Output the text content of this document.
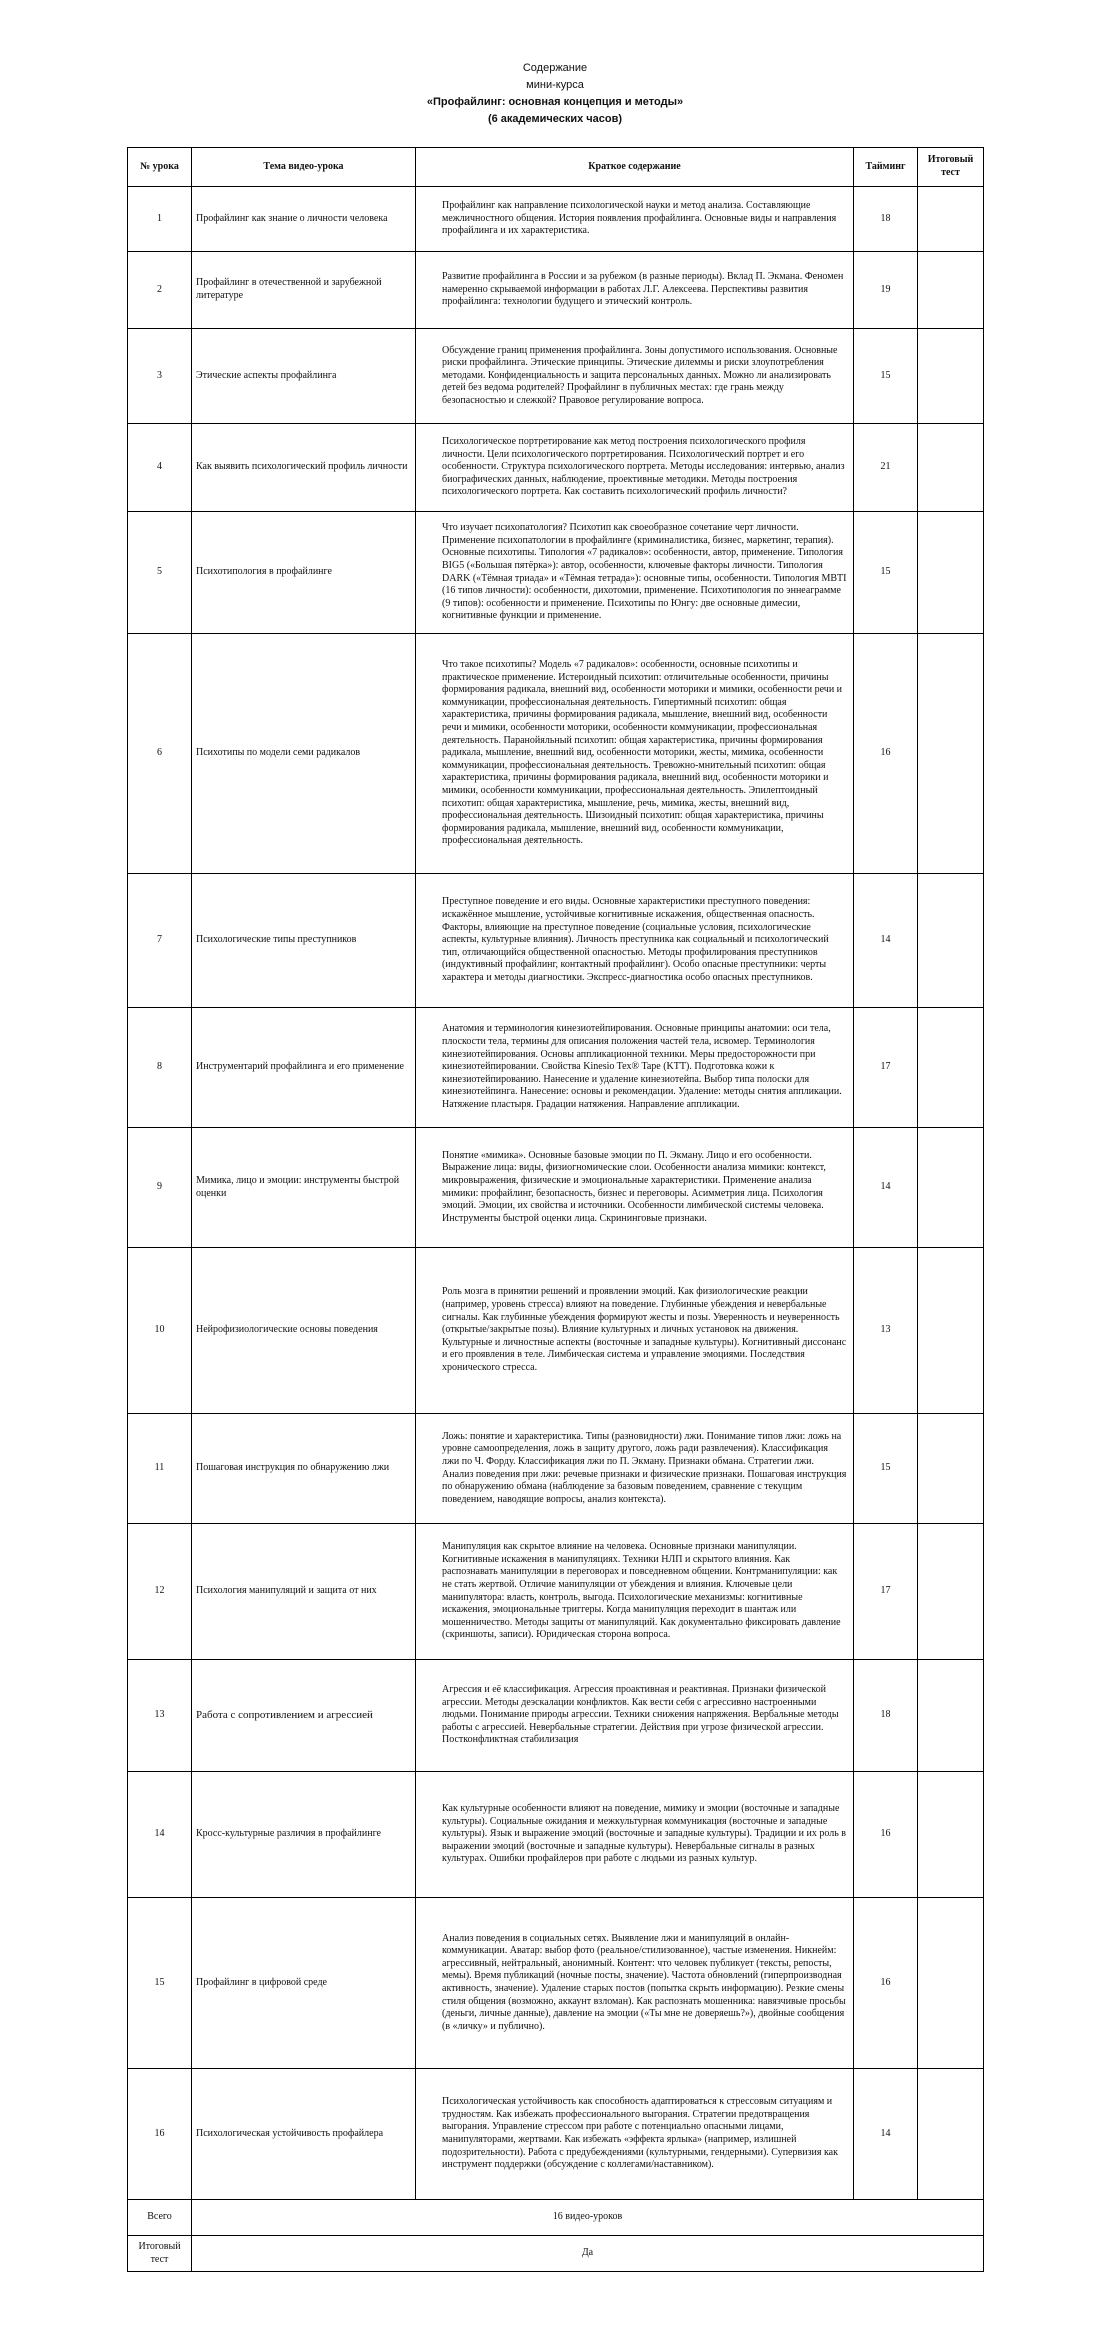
Содержание
мини-курса
«Профайлинг: основная концепция и методы»
(6 академических часов)
№ урока	Тема видео-урока	Краткое содержание	Тайминг	Итоговый тест
1	Профайлинг как знание о личности человека	Профайлинг как направление психологической науки и метод анализа. Составляющие межличностного общения. История появления профайлинга. Основные виды и направления профайлинга и их характеристика.	18	
2	Профайлинг в отечественной и зарубежной литературе	Развитие профайлинга в России и за рубежом (в разные периоды). Вклад П. Экмана. Феномен намеренно скрываемой информации в работах Л.Г. Алексеева. Перспективы развития профайлинга: технологии будущего и этический контроль.	19	
3	Этические аспекты профайлинга	Обсуждение границ применения профайлинга. Зоны допустимого использования. Основные риски профайлинга. Этические принципы. Этические дилеммы и риски злоупотребления методами. Конфиденциальность и защита персональных данных. Можно ли анализировать детей без ведома родителей? Профайлинг в публичных местах: где грань между безопасностью и слежкой? Правовое регулирование вопроса.	15	
4	Как выявить психологический профиль личности	Психологическое портретирование как метод построения психологического профиля личности. Цели психологического портретирования. Психологический портрет и его особенности. Структура психологического портрета. Методы исследования: интервью, анализ биографических данных, наблюдение, проективные методики. Методы построения психологического портрета. Как составить психологический профиль личности?	21	
5	Психотипология в профайлинге	Что изучает психопатология? Психотип как своеобразное сочетание черт личности. Применение психопатологии в профайлинге (криминалистика, бизнес, маркетинг, терапия). Основные психотипы. Типология «7 радикалов»: особенности, автор, применение. Типология BIG5 («Большая пятёрка»): автор, особенности, ключевые факторы личности. Типология DARK («Тёмная триада» и «Тёмная тетрада»): основные типы, особенности. Типология MBTI (16 типов личности): особенности, дихотомии, применение. Психотипология по эннеаграмме (9 типов): особенности и применение. Психотипы по Юнгу: две основные димесии, когнитивные функции и применение.	15	
6	Психотипы по модели семи радикалов	Что такое психотипы? Модель «7 радикалов»: особенности, основные психотипы и практическое применение. Истероидный психотип: отличительные особенности, причины формирования радикала, внешний вид, особенности моторики и мимики, особенности речи и коммуникации, профессиональная деятельность. Гипертимный психотип: общая характеристика, причины формирования радикала, мышление, внешний вид, особенности речи и мимики, особенности моторики, особенности коммуникации, профессиональная деятельность. Паранойяльный психотип: общая характеристика, причины формирования радикала, мышление, внешний вид, особенности моторики, жесты, мимика, особенности коммуникации, профессиональная деятельность. Тревожно-мнительный психотип: общая характеристика, причины формирования радикала, внешний вид, особенности моторики и мимики, особенности коммуникации, профессиональная деятельность. Эпилептоидный психотип: общая характеристика, мышление, речь, мимика, жесты, внешний вид, профессиональная деятельность. Шизоидный психотип: общая характеристика, причины формирования радикала, мышление, внешний вид, особенности коммуникации, профессиональная деятельность.	16	
7	Психологические типы преступников	Преступное поведение и его виды. Основные характеристики преступного поведения: искажённое мышление, устойчивые когнитивные искажения, общественная опасность. Факторы, влияющие на преступное поведение (социальные условия, психологические аспекты, культурные влияния). Личность преступника как социальный и психологический тип, отличающийся общественной опасностью. Методы профилирования преступников (индуктивный профайлинг, контактный профайлинг). Особо опасные преступники: черты характера и методы диагностики. Экспресс-диагностика особо опасных преступников.	14	
8	Инструментарий профайлинга и его применение	Анатомия и терминология кинезиотейпирования. Основные принципы анатомии: оси тела, плоскости тела, термины для описания положения частей тела, исвомер. Терминология кинезиотейпирования. Основы аппликационной техники. Меры предосторожности при кинезиотейпировании. Свойства Kinesio Tex® Tape (KTT). Подготовка кожи к кинезиотейпированию. Нанесение и удаление кинезиотейпа. Выбор типа полоски для кинезиотейпинга. Нанесение: основы и рекомендации. Удаление: методы снятия аппликации. Натяжение пластыря. Градации натяжения. Направление аппликации.	17	
9	Мимика, лицо и эмоции: инструменты быстрой оценки	Понятие «мимика». Основные базовые эмоции по П. Экману. Лицо и его особенности. Выражение лица: виды, физиогномические слои. Особенности анализа мимики: контекст, микровыражения, физические и эмоциональные характеристики. Применение анализа мимики: профайлинг, безопасность, бизнес и переговоры. Асимметрия лица. Психология эмоций. Эмоции, их свойства и источники. Особенности лимбической системы человека. Инструменты быстрой оценки лица. Скрининговые признаки.	14	
10	Нейрофизиологические основы поведения	Роль мозга в принятии решений и проявлении эмоций. Как физиологические реакции (например, уровень стресса) влияют на поведение. Глубинные убеждения и невербальные сигналы. Как глубинные убеждения формируют жесты и позы. Уверенность и неуверенность (открытые/закрытые позы). Влияние культурных и личных установок на движения. Культурные и личностные аспекты (восточные и западные культуры). Когнитивный диссонанс и его проявления в теле. Лимбическая система и управление эмоциями. Последствия хронического стресса.	13	
11	Пошаговая инструкция по обнаружению лжи	Ложь: понятие и характеристика. Типы (разновидности) лжи. Понимание типов лжи: ложь на уровне самоопределения, ложь в защиту другого, ложь ради развлечения). Классификация лжи по Ч. Форду. Классификация лжи по П. Экману. Признаки обмана. Стратегии лжи. Анализ поведения при лжи: речевые признаки и физические признаки. Пошаговая инструкция по обнаружению обмана (наблюдение за базовым поведением, сравнение с текущим поведением, наводящие вопросы, анализ контекста).	15	
12	Психология манипуляций и защита от них	Манипуляция как скрытое влияние на человека. Основные признаки манипуляции. Когнитивные искажения в манипуляциях. Техники НЛП и скрытого влияния. Как распознавать манипуляции в переговорах и повседневном общении. Контрманипуляции: как не стать жертвой. Отличие манипуляции от убеждения и влияния. Ключевые цели манипулятора: власть, контроль, выгода. Психологические механизмы: когнитивные искажения, эмоциональные триггеры. Когда манипуляция переходит в шантаж или мошенничество. Методы защиты от манипуляций. Как документально фиксировать давление (скриншоты, записи). Юридическая сторона вопроса.	17	
13	Работа с сопротивлением и агрессией	Агрессия и её классификация. Агрессия проактивная и реактивная. Признаки физической агрессии. Методы деэскалации конфликтов. Как вести себя с агрессивно настроенными людьми. Понимание природы агрессии. Техники снижения напряжения. Вербальные методы работы с агрессией. Невербальные стратегии. Действия при угрозе физической агрессии. Постконфликтная стабилизация	18	
14	Кросс-культурные различия в профайлинге	Как культурные особенности влияют на поведение, мимику и эмоции (восточные и западные культуры). Социальные ожидания и межкультурная коммуникация (восточные и западные культуры). Язык и выражение эмоций (восточные и западные культуры). Традиции и их роль в выражении эмоций (восточные и западные культуры). Невербальные сигналы в разных культурах. Ошибки профайлеров при работе с людьми из разных культур.	16	
15	Профайлинг в цифровой среде	Анализ поведения в социальных сетях. Выявление лжи и манипуляций в онлайн-коммуникации. Аватар: выбор фото (реальное/стилизованное), частые изменения. Никнейм: агрессивный, нейтральный, анонимный. Контент: что человек публикует (тексты, репосты, мемы). Время публикаций (ночные посты, значение). Частота обновлений (гиперпроизводная активность, значение). Удаление старых постов (попытка скрыть информацию). Резкие смены стиля общения (возможно, аккаунт взломан). Как распознать мошенника: навязчивые просьбы (деньги, личные данные), давление на эмоции («Ты мне не доверяешь?»), двойные сообщения (в «личку» и публично).	16	
16	Психологическая устойчивость профайлера	Психологическая устойчивость как способность адаптироваться к стрессовым ситуациям и трудностям. Как избежать профессионального выгорания. Стратегии предотвращения выгорания. Управление стрессом при работе с потенциально опасными лицами, манипуляторами, жертвами. Как избежать «эффекта ярлыка» (например, излишней подозрительности). Работа с предубеждениями (культурными, гендерными). Супервизия как инструмент поддержки (обсуждение с коллегами/наставником).	14	
Всего	16 видео-уроков			
Итоговый тест	Да			
